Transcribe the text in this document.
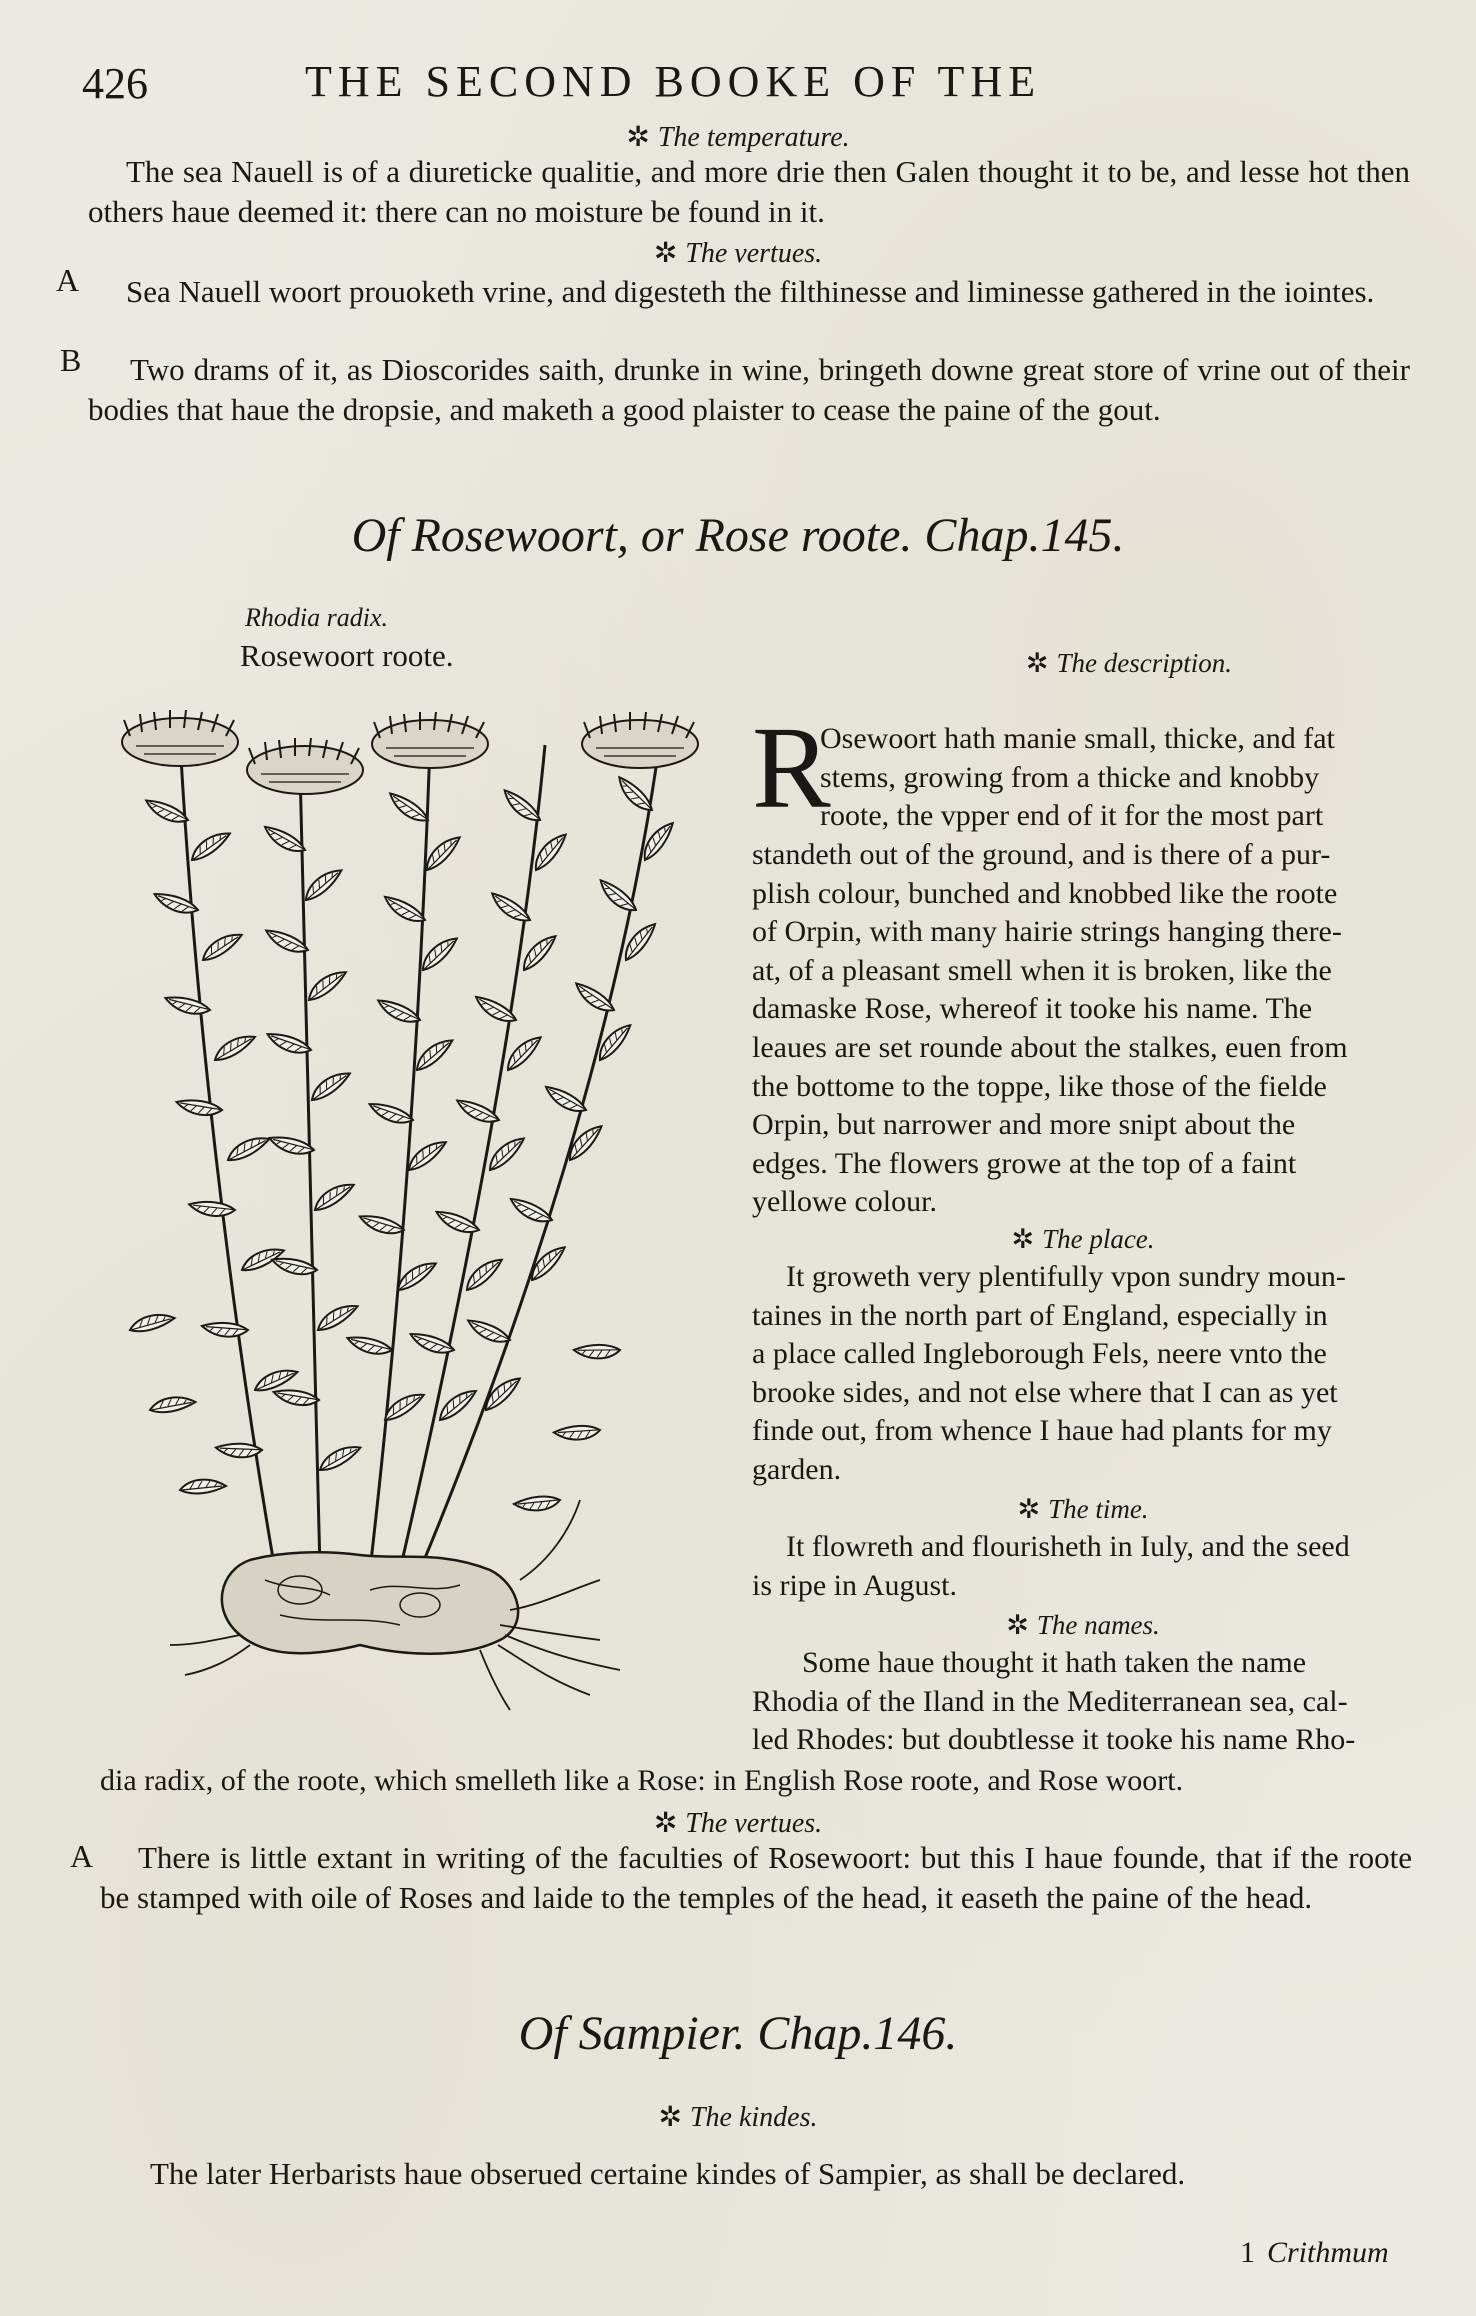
426	THE SECOND BOOKE OF THE
✲ The temperature.

The sea Nauell is of a diureticke qualitie, and more drie then Galen thought it to be, and lesse hot then others haue deemed it: there can no moisture be found in it.

✲ The vertues.
A	Sea Nauell woort prouoketh vrine, and digesteth the filthinesse and liminesse gathered in the iointes.

B	Two drams of it, as Dioscorides saith, drunke in wine, bringeth downe great store of vrine out of their bodies that haue the dropsie, and maketh a good plaister to cease the paine of the gout.

Of Rosewoort, or Rose roote. Chap.145.
Rhodia radix.
Rosewoort roote.	✲ The description.
R
Osewoort hath manie small, thicke, and fat
stems, growing from a thicke and knobby
roote, the vpper end of it for the most part
standeth out of the ground, and is there of a pur-
plish colour, bunched and knobbed like the roote
of Orpin, with many hairie strings hanging there-
at, of a pleasant smell when it is broken, like the
damaske Rose, whereof it tooke his name. The
leaues are set rounde about the stalkes, euen from
the bottome to the toppe, like those of the fielde
Orpin, but narrower and more snipt about the
edges. The flowers growe at the top of a faint
yellowe colour.
✲ The place.
It groweth very plentifully vpon sundry moun-
taines in the north part of England, especially in
a place called Ingleborough Fels, neere vnto the
brooke sides, and not else where that I can as yet
finde out, from whence I haue had plants for my
garden.
✲ The time.
It flowreth and flourisheth in Iuly, and the seed
is ripe in August.
✲ The names.
Some haue thought it hath taken the name
Rhodia of the Iland in the Mediterranean sea, cal-
led Rhodes: but doubtlesse it tooke his name Rho-
dia radix, of the roote, which smelleth like a Rose: in English Rose roote, and Rose woort.
✲ The vertues.
A	There is little extant in writing of the faculties of Rosewoort: but this I haue founde, that if the roote be stamped with oile of Roses and laide to the temples of the head, it easeth the paine of the head.

Of Sampier. Chap.146.
✲ The kindes.

The later Herbarists haue obserued certaine kindes of Sampier, as shall be declared.

1 Crithmum
